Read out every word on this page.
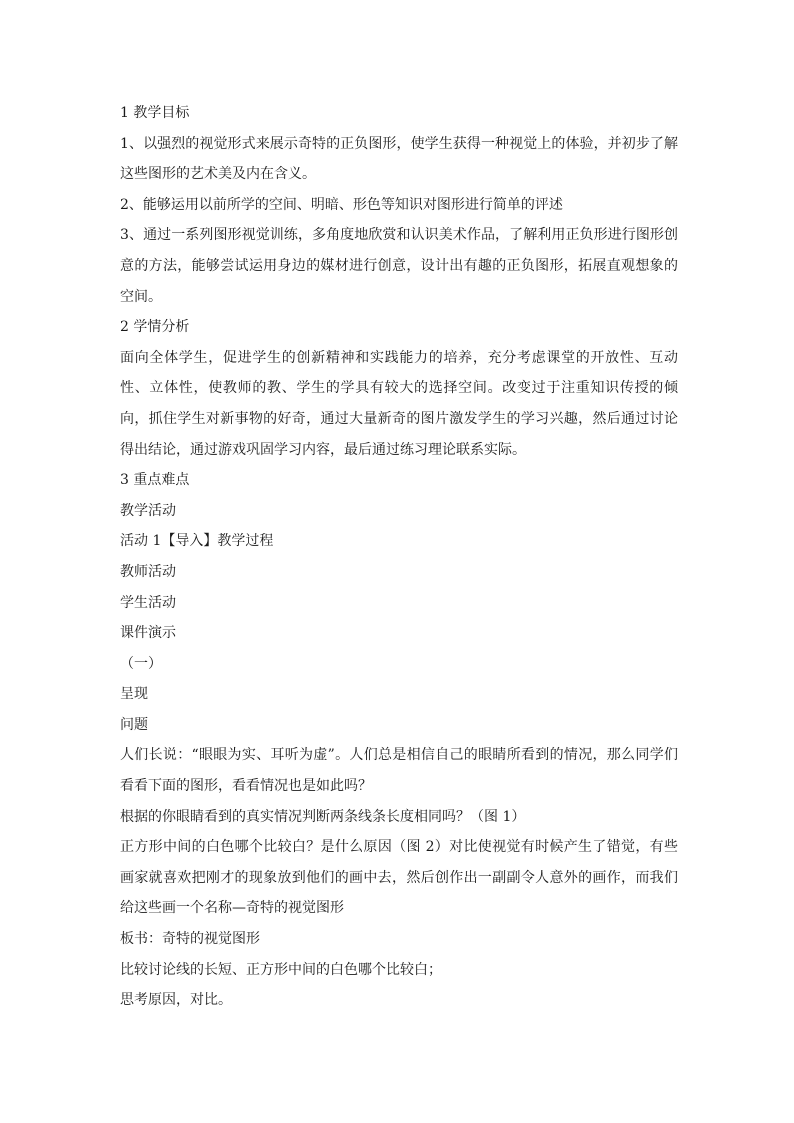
1 教学目标

1、以强烈的视觉形式来展示奇特的正负图形，使学生获得一种视觉上的体验，并初步了解这些图形的艺术美及内在含义。

2、能够运用以前所学的空间、明暗、形色等知识对图形进行简单的评述

3、通过一系列图形视觉训练，多角度地欣赏和认识美术作品，了解利用正负形进行图形创意的方法，能够尝试运用身边的媒材进行创意，设计出有趣的正负图形，拓展直观想象的空间。

2 学情分析

面向全体学生，促进学生的创新精神和实践能力的培养，充分考虑课堂的开放性、互动性、立体性，使教师的教、学生的学具有较大的选择空间。改变过于注重知识传授的倾向，抓住学生对新事物的好奇，通过大量新奇的图片激发学生的学习兴趣，然后通过讨论得出结论，通过游戏巩固学习内容，最后通过练习理论联系实际。

3 重点难点

教学活动

活动 1【导入】教学过程

教师活动

学生活动

课件演示

（一）

呈现

问题

人们长说：“眼眼为实、耳听为虚”。人们总是相信自己的眼睛所看到的情况，那么同学们看看下面的图形，看看情况也是如此吗？

根据的你眼睛看到的真实情况判断两条线条长度相同吗？（图 1）

正方形中间的白色哪个比较白？是什么原因（图 2）对比使视觉有时候产生了错觉，有些画家就喜欢把刚才的现象放到他们的画中去，然后创作出一副副令人意外的画作，而我们给这些画一个名称—奇特的视觉图形

板书：奇特的视觉图形

比较讨论线的长短、正方形中间的白色哪个比较白；

思考原因，对比。
